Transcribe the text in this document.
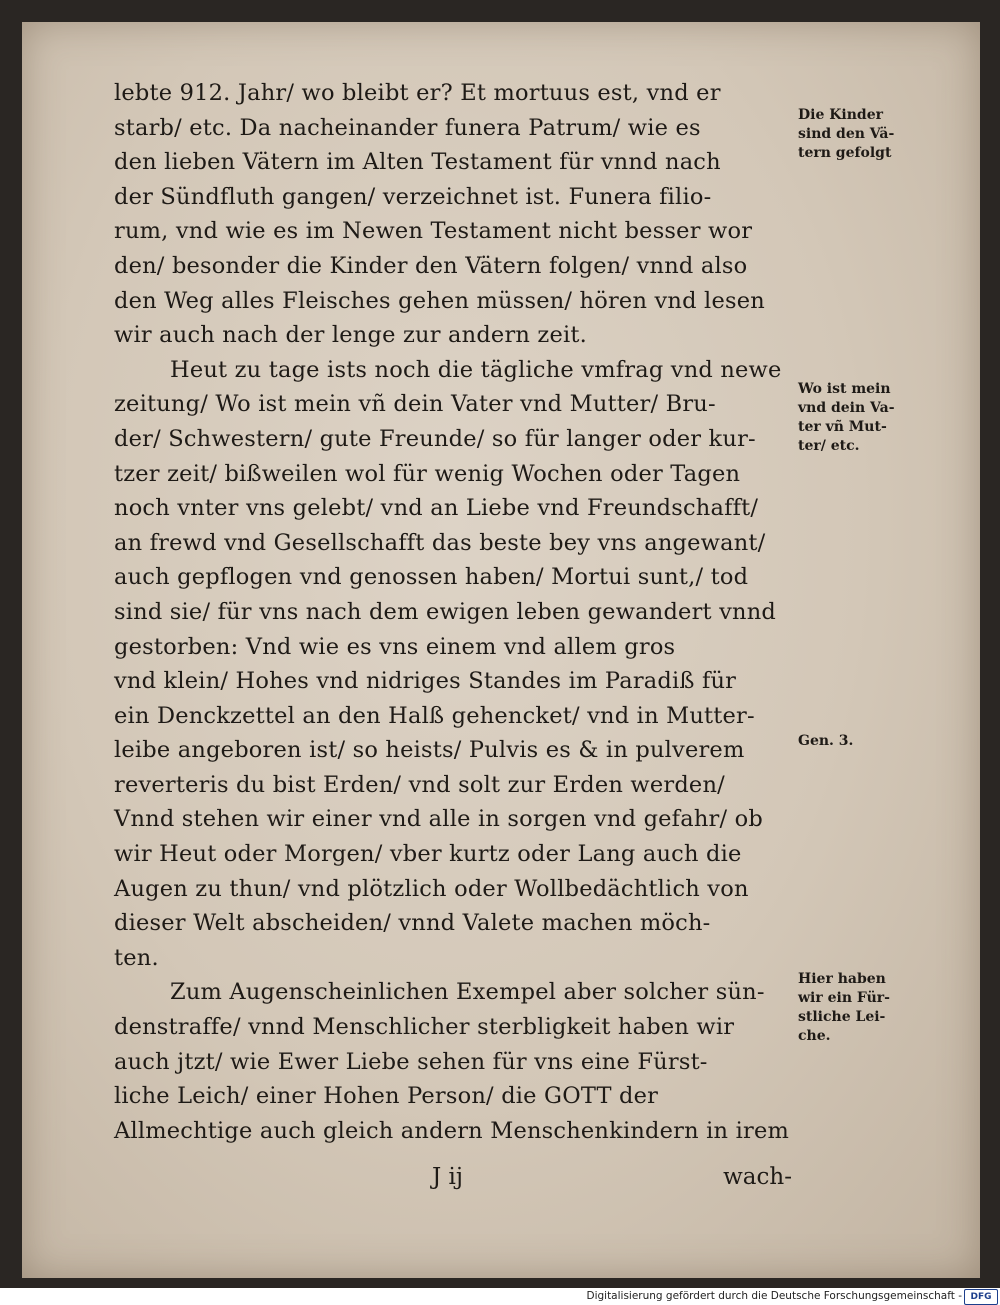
lebte 912. Jahr/ wo bleibt er? Et mortuus est, vnd er
starb/ etc. Da nacheinander funera Patrum/ wie es
den lieben Vätern im Alten Testament für vnnd nach
der Sündfluth gangen/ verzeichnet ist. Funera filio-
rum, vnd wie es im Newen Testament nicht besser wor
den/ besonder die Kinder den Vätern folgen/ vnnd also
den Weg alles Fleisches gehen müssen/ hören vnd lesen
wir auch nach der lenge zur andern zeit.
Heut zu tage ists noch die tägliche vmfrag vnd newe
zeitung/ Wo ist mein vñ dein Vater vnd Mutter/ Bru-
der/ Schwestern/ gute Freunde/ so für langer oder kur-
tzer zeit/ bißweilen wol für wenig Wochen oder Tagen
noch vnter vns gelebt/ vnd an Liebe vnd Freundschafft/
an frewd vnd Gesellschafft das beste bey vns angewant/
auch gepflogen vnd genossen haben/ Mortui sunt,/ tod
sind sie/ für vns nach dem ewigen leben gewandert vnnd
gestorben: Vnd wie es vns einem vnd allem gros
vnd klein/ Hohes vnd nidriges Standes im Paradiß für
ein Denckzettel an den Halß gehencket/ vnd in Mutter-
leibe angeboren ist/ so heists/ Pulvis es & in pulverem
reverteris du bist Erden/ vnd solt zur Erden werden/
Vnnd stehen wir einer vnd alle in sorgen vnd gefahr/ ob
wir Heut oder Morgen/ vber kurtz oder Lang auch die
Augen zu thun/ vnd plötzlich oder Wollbedächtlich von
dieser Welt abscheiden/ vnnd Valete machen möch-
ten.
Zum Augenscheinlichen Exempel aber solcher sün-
denstraffe/ vnnd Menschlicher sterbligkeit haben wir
auch jtzt/ wie Ewer Liebe sehen für vns eine Fürst-
liche Leich/ einer Hohen Person/ die GOTT der
Allmechtige auch gleich andern Menschenkindern in irem
Die Kinder
sind den Vä-
tern gefolgt
Wo ist mein
vnd dein Va-
ter vñ Mut-
ter/ etc.
Gen. 3.
Hier haben
wir ein Für-
stliche Lei-
che.
J ij	wach-
Digitalisierung gefördert durch die Deutsche Forschungsgemeinschaft - DFG
